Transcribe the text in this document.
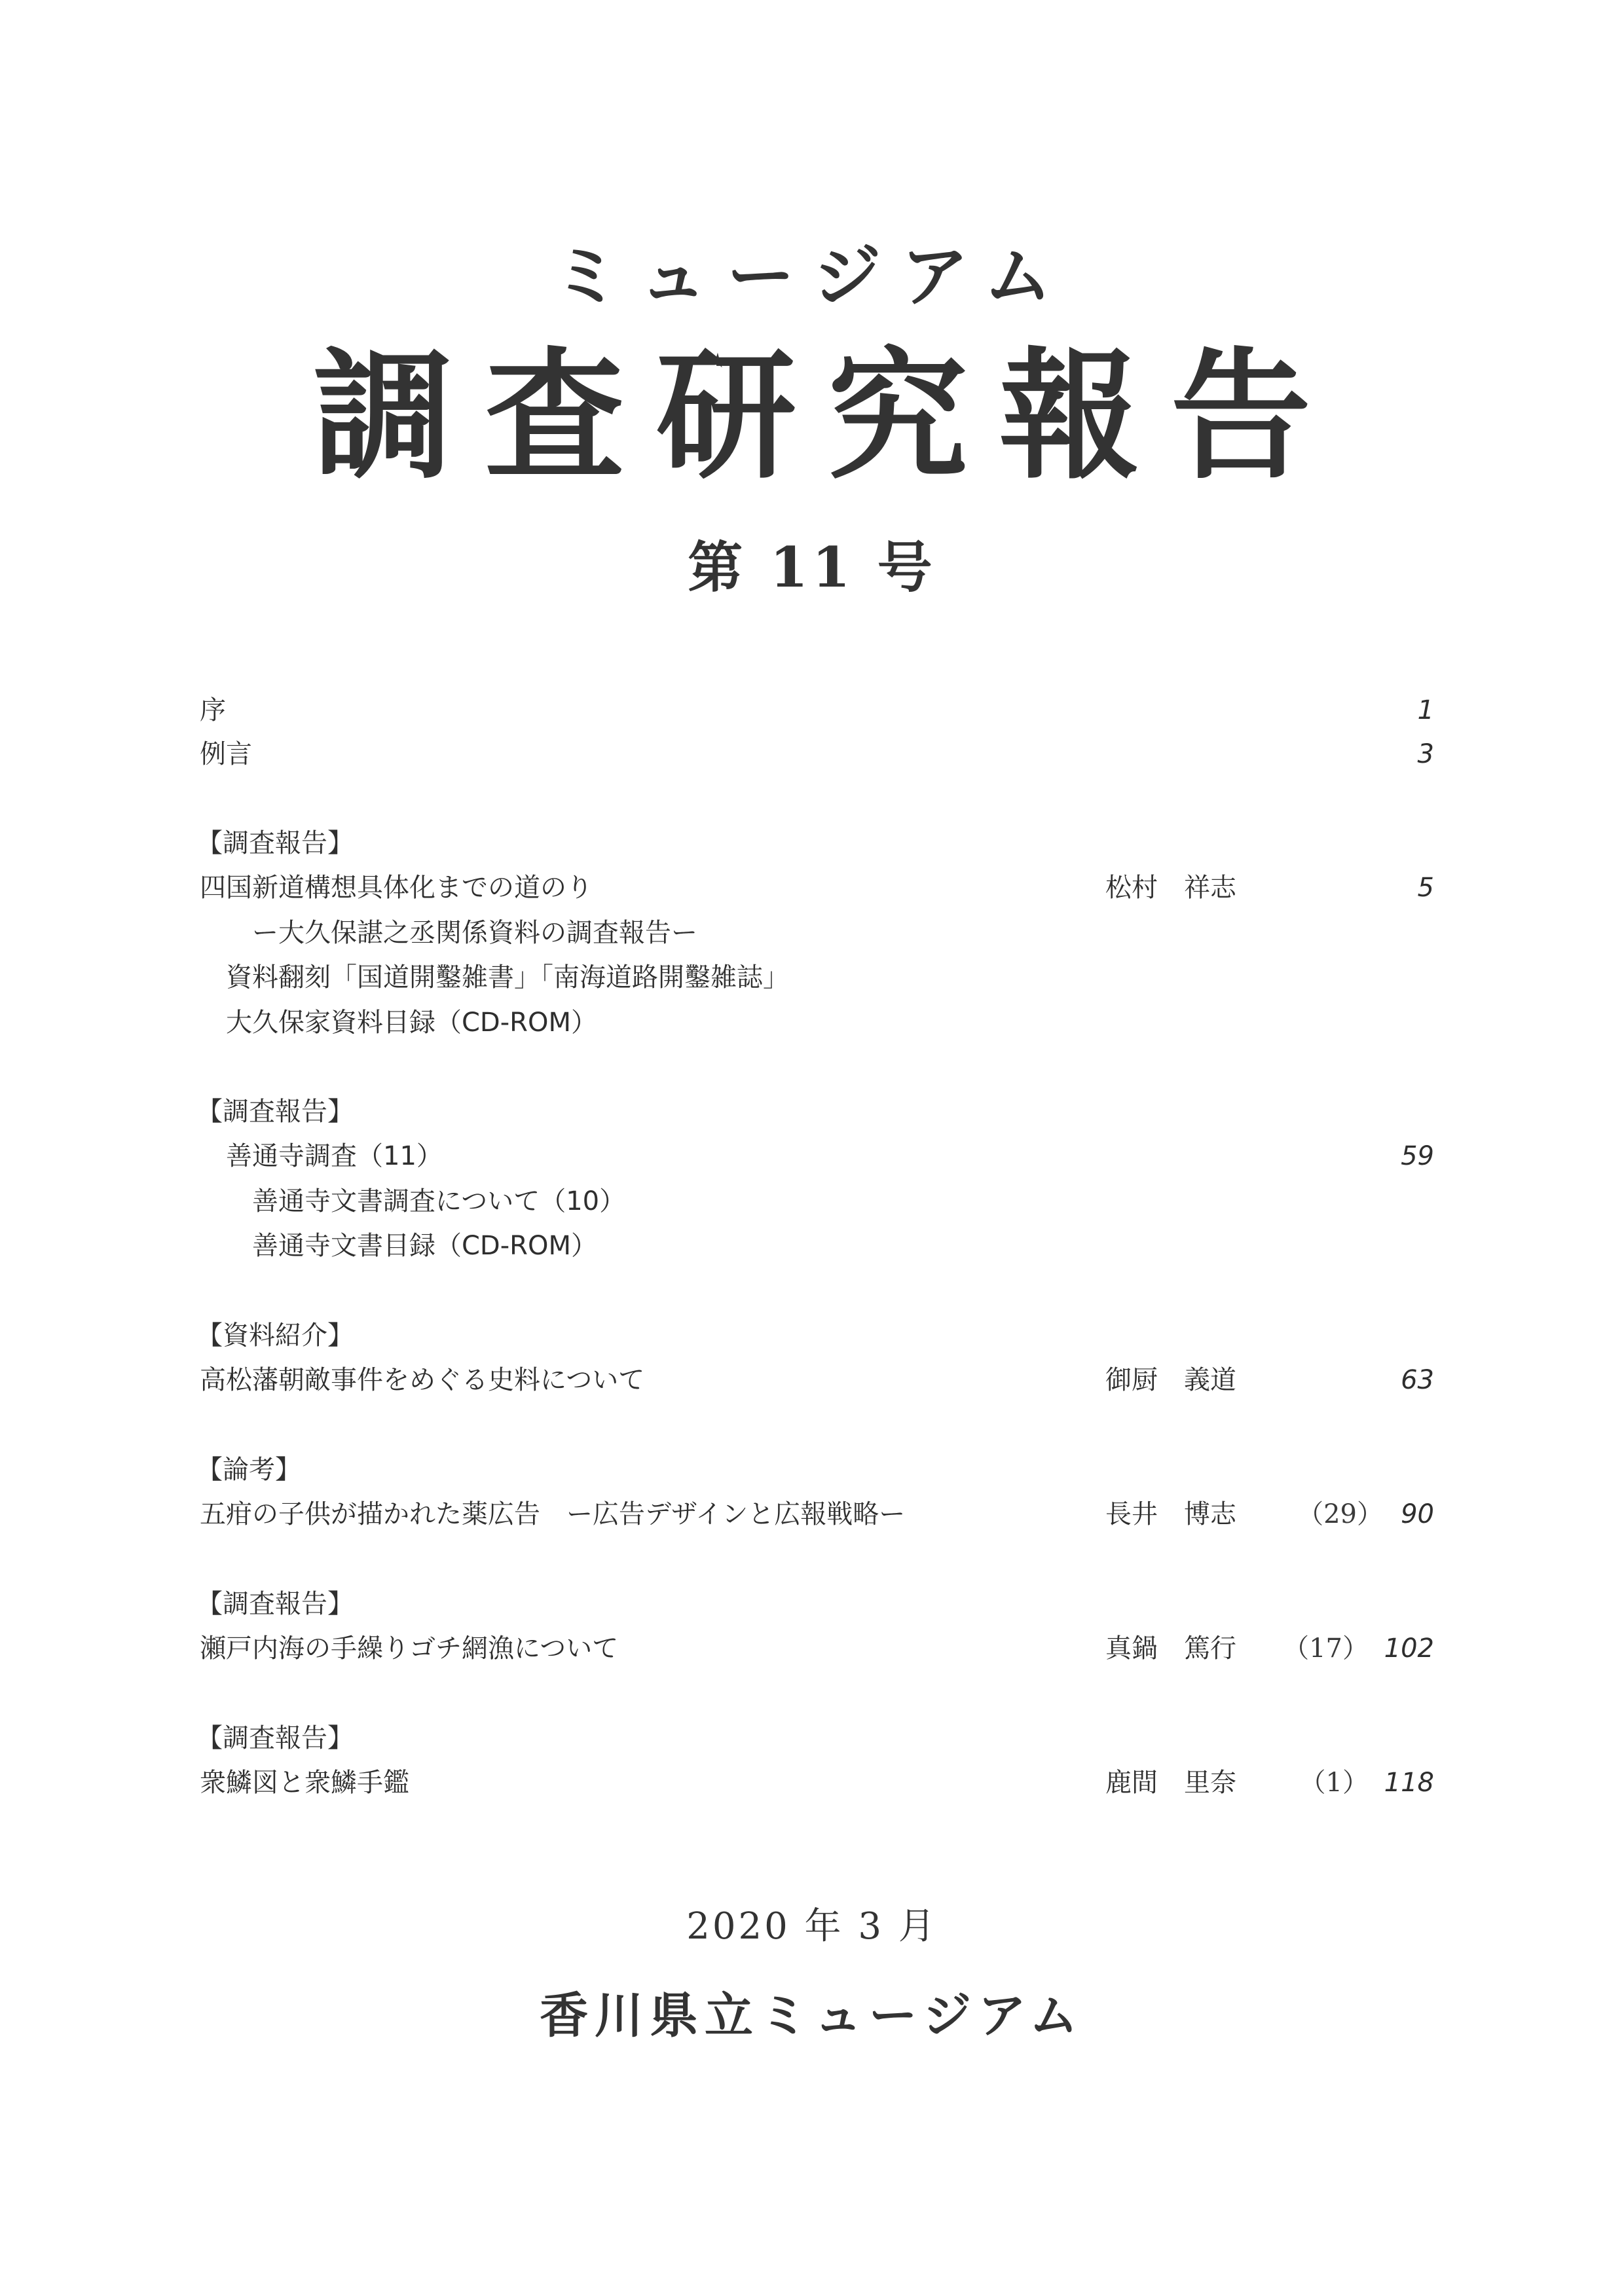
ミュージアム
調査研究報告
第 11 号
序	1
例言	3
【調査報告】
四国新道構想具体化までの道のり	松村　祥志	5
ー大久保諶之丞関係資料の調査報告ー
資料翻刻「国道開鑿雑書」「南海道路開鑿雑誌」
大久保家資料目録（CD-ROM）
【調査報告】
善通寺調査（11）	59
善通寺文書調査について（10）
善通寺文書目録（CD-ROM）
【資料紹介】
高松藩朝敵事件をめぐる史料について	御厨　義道	63
【論考】
五疳の子供が描かれた薬広告　ー広告デザインと広報戦略ー	長井　博志 （29） 90
【調査報告】
瀬戸内海の手繰りゴチ網漁について	真鍋　篤行 （17） 102
【調査報告】
衆鱗図と衆鱗手鑑	鹿間　里奈 （1） 118
2020 年 3 月
香川県立ミュージアム
